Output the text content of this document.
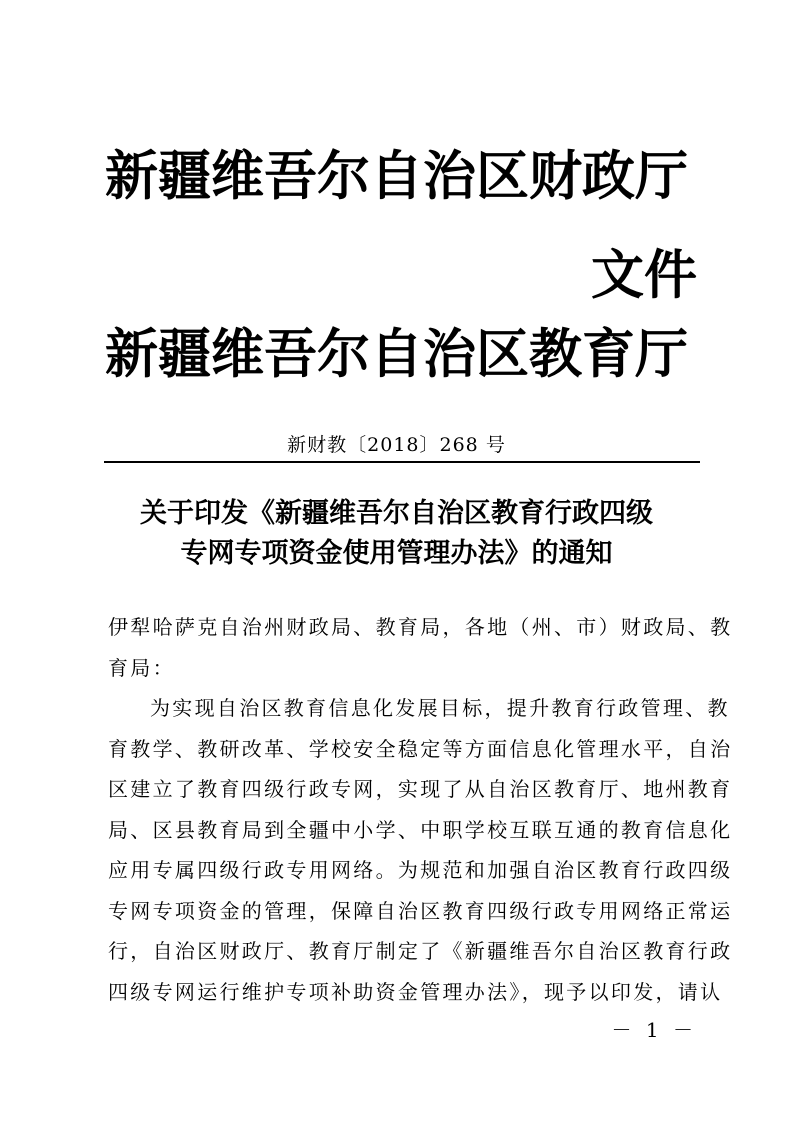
新疆维吾尔自治区财政厅
文件
新疆维吾尔自治区教育厅
新财教〔2018〕268 号
关于印发《新疆维吾尔自治区教育行政四级
专网专项资金使用管理办法》的通知
伊犁哈萨克自治州财政局、教育局，各地（州、市）财政局、教
育局：
为实现自治区教育信息化发展目标，提升教育行政管理、教
育教学、教研改革、学校安全稳定等方面信息化管理水平，自治
区建立了教育四级行政专网，实现了从自治区教育厅、地州教育
局、区县教育局到全疆中小学、中职学校互联互通的教育信息化
应用专属四级行政专用网络。为规范和加强自治区教育行政四级
专网专项资金的管理，保障自治区教育四级行政专用网络正常运
行，自治区财政厅、教育厅制定了《新疆维吾尔自治区教育行政
四级专网运行维护专项补助资金管理办法》，现予以印发，请认
－ 1 －
